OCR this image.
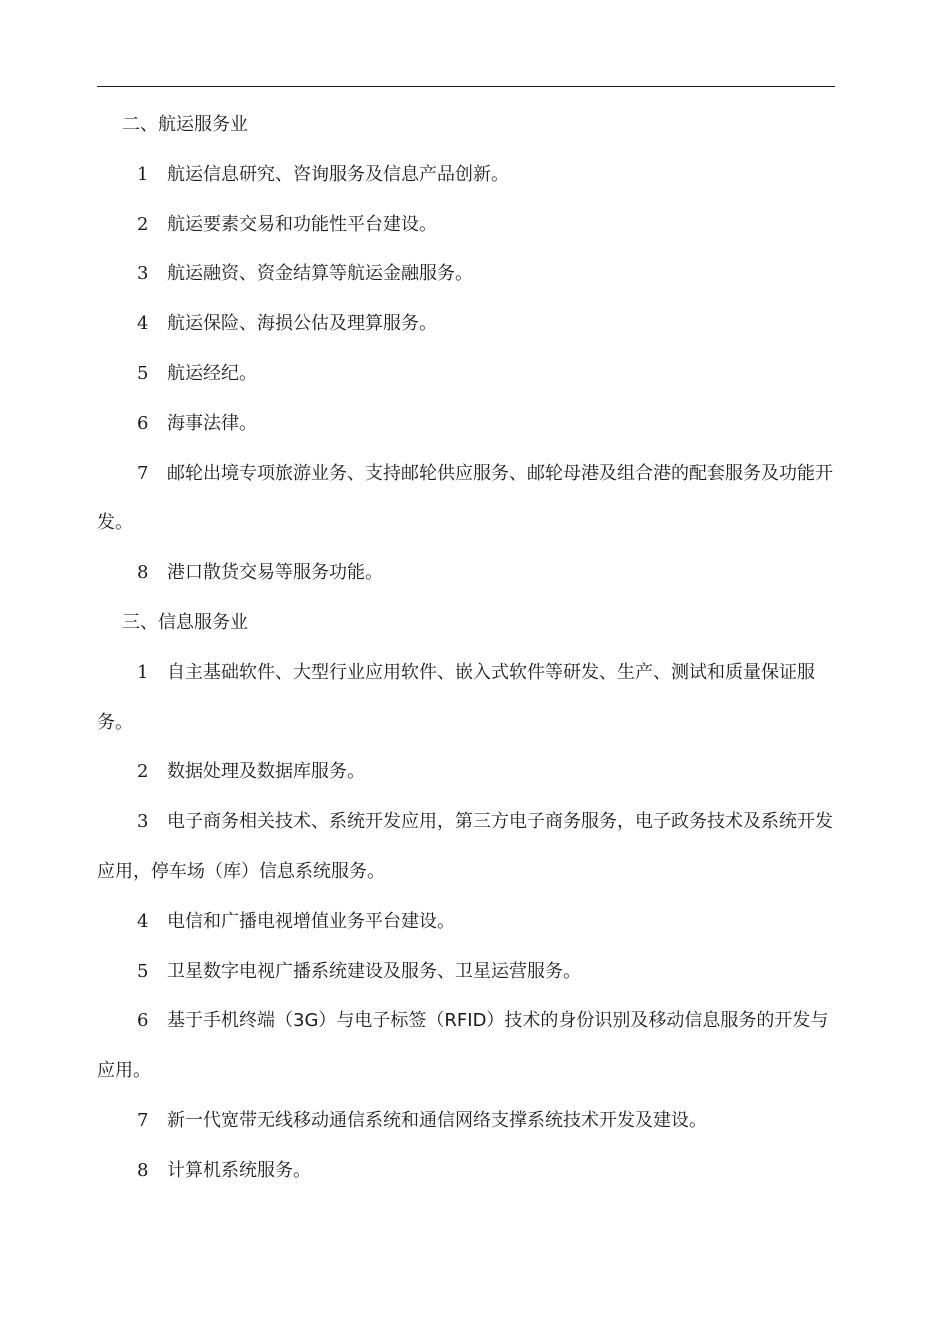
二、航运服务业

1 航运信息研究、咨询服务及信息产品创新。

2 航运要素交易和功能性平台建设。

3 航运融资、资金结算等航运金融服务。

4 航运保险、海损公估及理算服务。

5 航运经纪。

6 海事法律。

7 邮轮出境专项旅游业务、支持邮轮供应服务、邮轮母港及组合港的配套服务及功能开发。

8 港口散货交易等服务功能。

三、信息服务业

1 自主基础软件、大型行业应用软件、嵌入式软件等研发、生产、测试和质量保证服务。

2 数据处理及数据库服务。

3 电子商务相关技术、系统开发应用，第三方电子商务服务，电子政务技术及系统开发应用，停车场（库）信息系统服务。

4 电信和广播电视增值业务平台建设。

5 卫星数字电视广播系统建设及服务、卫星运营服务。

6 基于手机终端（3G）与电子标签（RFID）技术的身份识别及移动信息服务的开发与应用。

7 新一代宽带无线移动通信系统和通信网络支撑系统技术开发及建设。

8 计算机系统服务。
